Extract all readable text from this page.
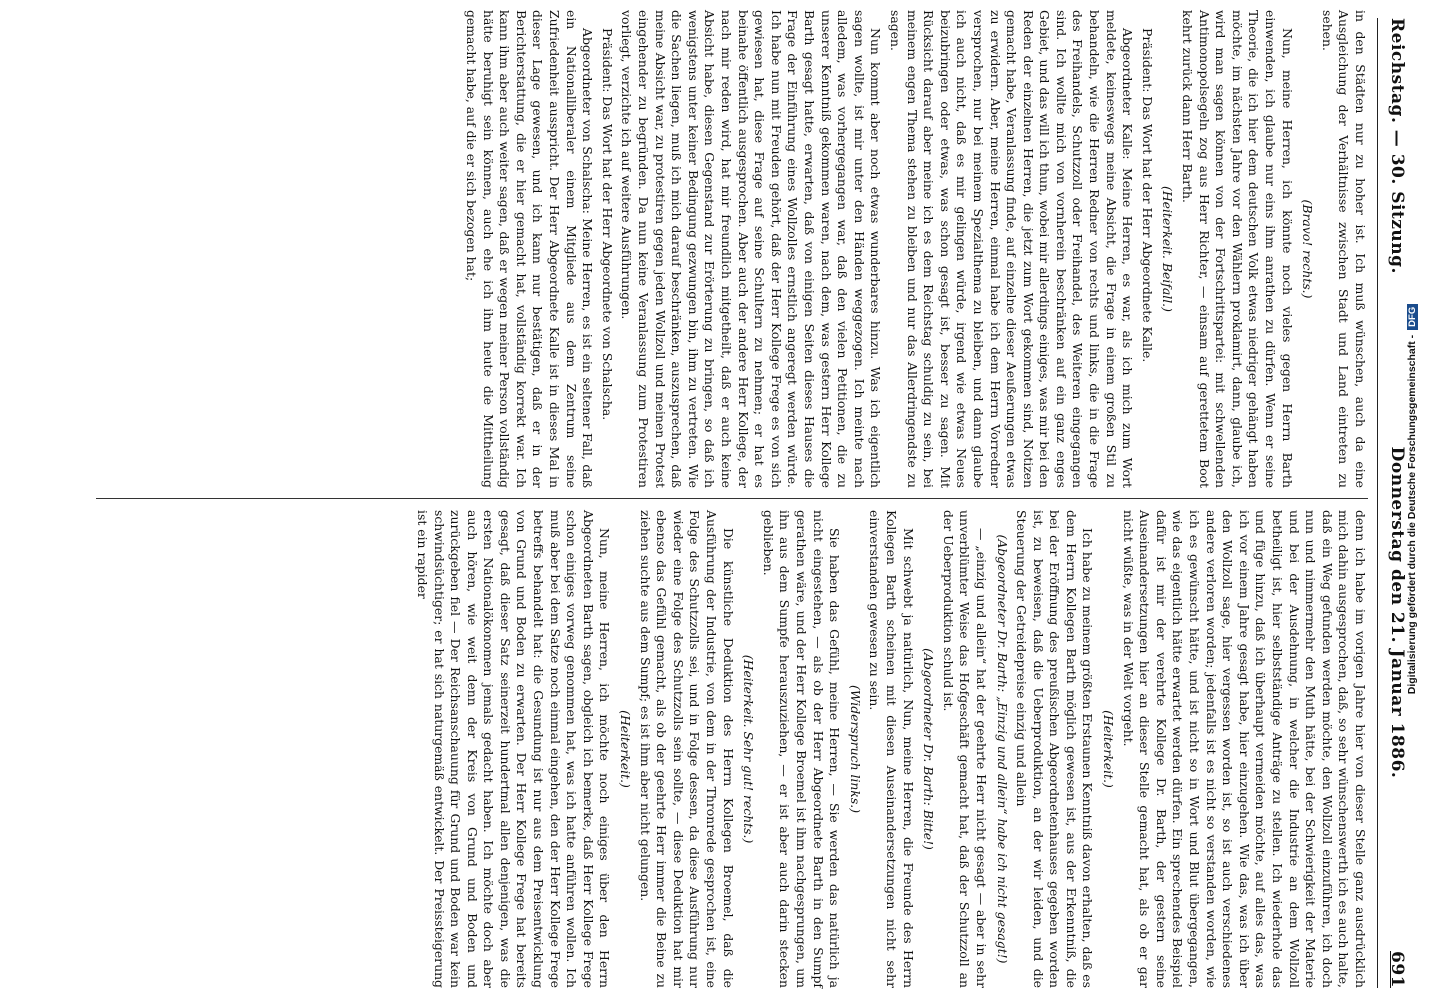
Reichstag. — 30. Sitzung.
Donnerstag den 21. Januar 1886.
691

in den Städten nur zu hoher ist. Ich muß wünschen, auch da eine Ausgleichung der Verhältnisse zwischen Stadt und Land eintreten zu sehen.

(Bravo! rechts.)

Nun, meine Herren, ich könnte noch vieles gegen Herrn Barth einwenden, ich glaube nur eins ihm anrathen zu dürfen. Wenn er seine Theorie, die ich hier dem deutschen Volk etwas niedriger gehängt haben möchte, im nächsten Jahre vor den Wählern proklamirt, dann, glaube ich, wird man sagen können von der Fortschrittspartei: mit schwellenden Antimonopolsegeln zog aus Herr Richter, — einsam auf gerettetem Boot kehrt zurück dann Herr Barth.

(Heiterkeit. Beifall.)

Präsident: Das Wort hat der Herr Abgeordnete Kalle.

Abgeordneter Kalle: Meine Herren, es war, als ich mich zum Wort meldete, keineswegs meine Absicht, die Frage in einem großen Stil zu behandeln, wie die Herren Redner von rechts und links, die in die Frage des Freihandels, Schutzzoll oder Freihandel, des Weiteren eingegangen sind. Ich wollte mich von vornherein beschränken auf ein ganz enges Gebiet, und das will ich thun, wobei mir allerdings einiges, was mir bei den Reden der einzelnen Herren, die jetzt zum Wort gekommen sind, Notizen gemacht habe, Veranlassung finde, auf einzelne dieser Aeußerungen etwas zu erwidern. Aber, meine Herren, einmal habe ich dem Herrn Vorredner versprochen, nur bei meinem Spezialthema zu bleiben, und dann glaube ich auch nicht, daß es mir gelingen würde, irgend wie etwas Neues beizubringen oder etwas, was schon gesagt ist, besser zu sagen. Mit Rücksicht darauf aber meine ich es dem Reichstag schuldig zu sein, bei meinem engen Thema stehen zu bleiben und nur das Allerdringendste zu sagen.

Nun kommt aber noch etwas wunderbares hinzu. Was ich eigentlich sagen wollte, ist mir unter den Händen weggezogen. Ich meinte nach alledem, was vorhergegangen war, daß den vielen Petitionen, die zu unserer Kenntniß gekommen waren, nach dem, was gestern Herr Kollege Barth gesagt hatte, erwarten, daß von einigen Seiten dieses Hauses die Frage der Einführung eines Wollzolles ernstlich angeregt werden würde. Ich habe nun mit Freuden gehört, daß der Herr Kollege Frege es von sich gewiesen hat, diese Frage auf seine Schultern zu nehmen; er hat es beinahe öffentlich ausgesprochen. Aber auch der andere Herr Kollege, der nach mir reden wird, hat mir freundlich mitgetheilt, daß er auch keine Absicht habe, diesen Gegenstand zur Erörterung zu bringen, so daß ich wenigstens unter keiner Bedingung gezwungen bin, ihm zu vertreten. Wie die Sachen liegen, muß ich mich darauf beschränken, auszusprechen, daß meine Absicht war, zu protestiren gegen jeden Wollzoll und meinen Protest eingehender zu begründen. Da nun keine Veranlassung zum Protestiren vorliegt, verzichte ich auf weitere Ausführungen.

Präsident: Das Wort hat der Herr Abgeordnete von Schalscha.

Abgeordneter von Schalscha: Meine Herren, es ist ein seltener Fall, daß ein Nationalliberaler einem Mitgliede aus dem Zentrum seine Zufriedenheit ausspricht. Der Herr Abgeordnete Kalle ist in dieses Mal in dieser Lage gewesen, und ich kann nur bestätigen, daß er in der Berichterstattung, die er hier gemacht hat, vollständig korrekt war. Ich kann ihm aber auch weiter sagen, daß er wegen meiner Person vollständig hätte beruhigt sein können, auch ehe ich ihm heute die Mittheilung gemacht habe, auf die er sich bezogen hat;

denn ich habe im vorigen Jahre hier von dieser Stelle ganz ausdrücklich mich dahin ausgesprochen, daß, so sehr wünschenswerth ich es auch halte, daß ein Weg gefunden werden möchte, den Wollzoll einzuführen, ich doch nun und nimmermehr den Muth hätte, bei der Schwierigkeit der Materie und bei der Ausdehnung, in welcher die Industrie an dem Wollzoll betheiligt ist, hier selbstständige Anträge zu stellen. Ich wiederhole das und füge hinzu, daß ich überhaupt vermeiden möchte, auf alles das, was ich vor einem Jahre gesagt habe, hier einzugehen. Wie das, was ich über den Wollzoll sage, hier vergessen worden ist, so ist auch verschiedenes andere verloren worden; jedenfalls ist es nicht so verstanden worden, wie ich es gewünscht hätte, und ist nicht so in Wort und Blut übergegangen, wie das eigentlich hätte erwartet werden dürfen. Ein sprechendes Beispiel dafür ist mir der verehrte Kollege Dr. Barth, der gestern seine Auseinandersetzungen hier an dieser Stelle gemacht hat, als ob er gar nicht wüßte, was in der Welt vorgeht.

(Heiterkeit.)

Ich habe zu meinem größten Erstaunen Kenntniß davon erhalten, daß es dem Herrn Kollegen Barth möglich gewesen ist, aus der Erkenntniß, die bei der Eröffnung des preußischen Abgeordnetenhauses gegeben worden ist, zu beweisen, daß die Ueberproduktion, an der wir leiden, und die Steuerung der Getreidepreise einzig und allein

(Abgeordneter Dr. Barth: „Einzig und allein“ habe ich nicht gesagt!)

— „einzig und allein“ hat der geehrte Herr nicht gesagt — aber in sehr unverblümter Weise das Hofgeschäft gemacht hat, daß der Schutzzoll an der Ueberproduktion schuld ist.

(Abgeordneter Dr. Barth: Bitte!)

Mit schwebt ja natürlich, Nun, meine Herren, die Freunde des Herrn Kollegen Barth scheinen mit diesen Auseinandersetzungen nicht sehr einverstanden gewesen zu sein.

(Widerspruch links.)

Sie haben das Gefühl, meine Herren, — Sie werden das natürlich ja nicht eingestehen, — als ob der Herr Abgeordnete Barth in den Sumpf gerathen wäre, und der Herr Kollege Broemel ist ihm nachgesprungen, um ihn aus dem Sumpfe herauszuziehen, — er ist aber auch darin stecken geblieben.

(Heiterkeit. Sehr gut! rechts.)

Die künstliche Deduktion des Herrn Kollegen Broemel, daß die Ausführung der Industrie, von dem in der Thronrede gesprochen ist, eine Folge des Schutzzolls sei, und in Folge dessen, da diese Ausführung nur wieder eine Folge des Schutzzolls sein sollte, — diese Deduktion hat mir ebenso das Gefühl gemacht, als ob der geehrte Herr immer die Beine zu ziehen suchte aus dem Sumpf; es ist ihm aber nicht gelungen.

(Heiterkeit.)

Nun, meine Herren, ich möchte noch einiges über den Herrn Abgeordneten Barth sagen, obgleich ich bemerke, daß Herr Kollege Frege schon einiges vorweg genommen hat, was ich hatte anführen wollen. Ich muß aber bei dem Satze noch einmal eingehen, den der Herr Kollege Frege betreffs behandelt hat: die Gesundung ist nur aus dem Preisentwicklung von Grund und Boden zu erwarten. Der Herr Kollege Frege hat bereits gesagt, daß dieser Satz seinerzeit hundertmal allen denjenigen, was die ersten Nationalökonomen jemals gedacht haben. Ich möchte doch aber auch hören, wie weit denn der Kreis von Grund und Boden und zurückgeben fiel — Der Reichsanschauung für Grund und Boden war kein schwindsüchtiger; er hat sich naturgemäß entwickelt. Der Preissteigerung ist ein rapider	Digitalisierung gefördert durch die Deutsche Forschungsgemeinschaft -
DFG
